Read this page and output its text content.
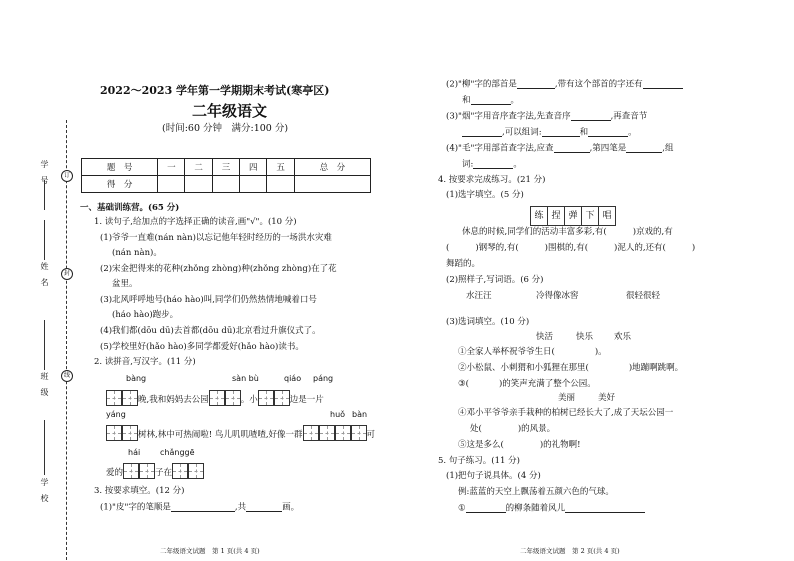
学　号	订
姓　名	封
班　级	线
学　校
2022～2023 学年第一学期期末考试(寒亭区)
二年级语文
(时间:60 分钟　满分:100 分)
题　号	一	二	三	四	五	总　分
得　分						
一、基础训练营。(65 分)
1. 读句子,给加点的字选择正确的读音,画"√"。(10 分)
(1)爷爷一直难(nán nàn)以忘记他年轻时经历的一场洪水灾难
(nán nàn)。
(2)宋金把得来的花种(zhǒng zhòng)种(zhǒng zhòng)在了花
盆里。
(3)北风呼呼地号(háo hào)叫,同学们仍然热情地喊着口号
(háo hào)跑步。
(4)我们都(dōu dū)去首都(dōu dū)北京看过升旗仪式了。
(5)学校里好(hǎo hào)多同学都爱好(hǎo hào)读书。
2. 读拼音,写汉字。(11 分)
bàng	sàn bù	qiáo páng
晚,我和妈妈去公园	。小	边是一片
yáng	huǒ bàn
树林,林中可热闹啦! 鸟儿叽叽喳喳,好像一群	可
hái chǎnggē
爱的	子在
3. 按要求填空。(12 分)
(1)"皮"字的笔顺是	,共	画。
二年级语文试题　第 1 页(共 4 页)
(2)"柳"字的部首是	,带有这个部首的字还有
和	。
(3)"烟"字用音序查字法,先查音序	,再查音节
,可以组词:	和	。
(4)"毛"字用部首查字法,应查	,第四笔是	,组
词:	。
4. 按要求完成练习。(21 分)
(1)选字填空。(5 分)
练 捏 弹 下 唱
休息的时候,同学们的活动丰富多彩,有(	)京戏的,有
(	)钢琴的,有(	)围棋的,有(	)泥人的,还有(	)
舞蹈的。
(2)照样子,写词语。(6 分)
水汪汪	冷得像冰窖	很轻很轻
(3)选词填空。(10 分)
快活	快乐 欢乐
①全家人举杯祝爷爷生日(	)。
②小松鼠、小刺猬和小狐狸在那里(	)地蹦啊跳啊。
③(	)的笑声充满了整个公园。
美丽	美好
④邓小平爷爷亲手栽种的柏树已经长大了,成了天坛公园一
处(	)的风景。
⑤这是多么(	)的礼物啊!
5. 句子练习。(11 分)
(1)把句子说具体。(4 分)
例:蓝蓝的天空上飘荡着五颜六色的气球。
①	的柳条随着风儿
二年级语文试题　第 2 页(共 4 页)
